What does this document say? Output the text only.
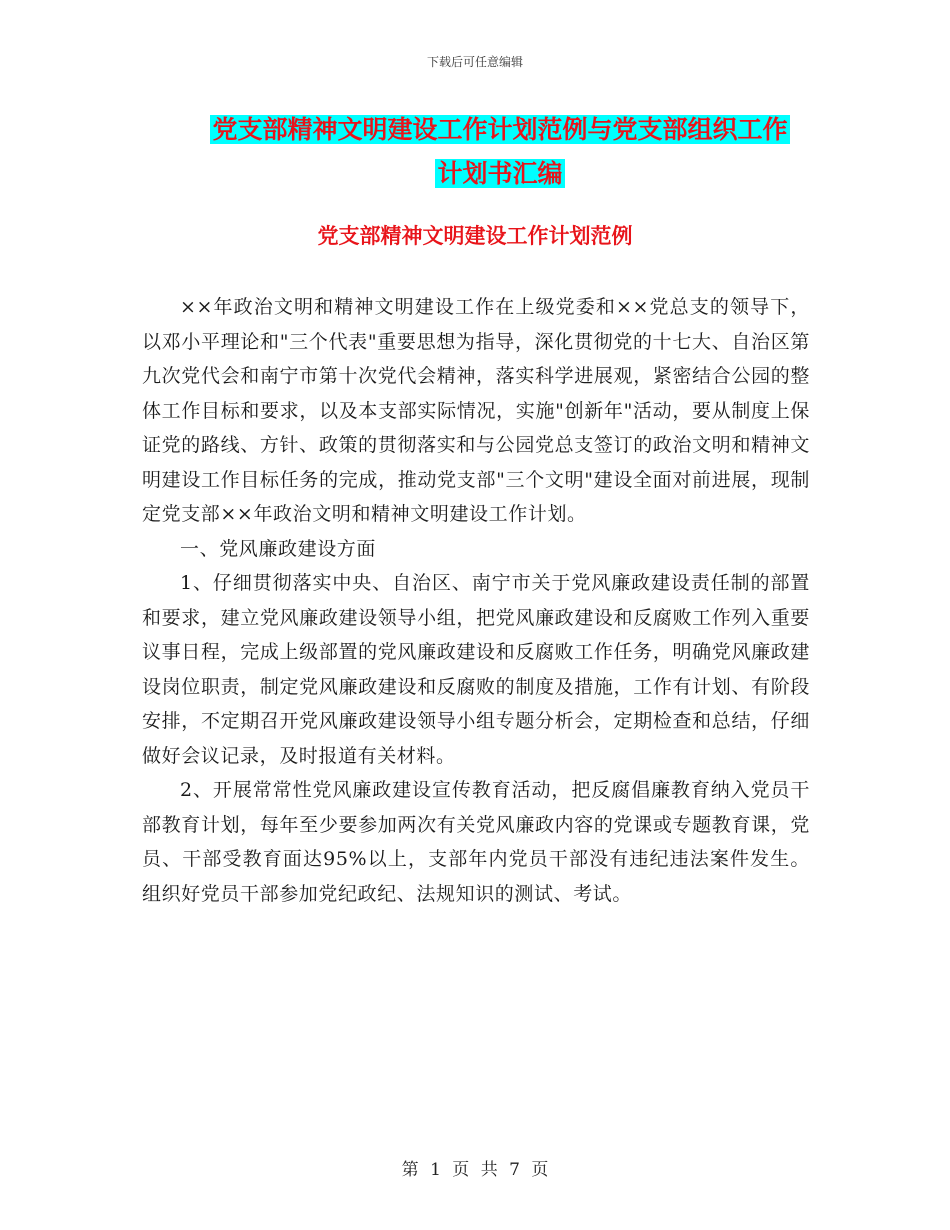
下载后可任意编辑
党支部精神文明建设工作计划范例与党支部组织工作
计划书汇编
党支部精神文明建设工作计划范例

××年政治文明和精神文明建设工作在上级党委和××党总支的领导下，以邓小平理论和"三个代表"重要思想为指导，深化贯彻党的十七大、自治区第九次党代会和南宁市第十次党代会精神，落实科学进展观，紧密结合公园的整体工作目标和要求，以及本支部实际情况，实施"创新年"活动，要从制度上保证党的路线、方针、政策的贯彻落实和与公园党总支签订的政治文明和精神文明建设工作目标任务的完成，推动党支部"三个文明"建设全面对前进展，现制定党支部××年政治文明和精神文明建设工作计划。

一、党风廉政建设方面

1、仔细贯彻落实中央、自治区、南宁市关于党风廉政建设责任制的部置和要求，建立党风廉政建设领导小组，把党风廉政建设和反腐败工作列入重要议事日程，完成上级部置的党风廉政建设和反腐败工作任务，明确党风廉政建设岗位职责，制定党风廉政建设和反腐败的制度及措施，工作有计划、有阶段安排，不定期召开党风廉政建设领导小组专题分析会，定期检查和总结，仔细做好会议记录，及时报道有关材料。

2、开展常常性党风廉政建设宣传教育活动，把反腐倡廉教育纳入党员干部教育计划，每年至少要参加两次有关党风廉政内容的党课或专题教育课，党员、干部受教育面达95%以上，支部年内党员干部没有违纪违法案件发生。组织好党员干部参加党纪政纪、法规知识的测试、考试。

第 1 页 共 7 页
